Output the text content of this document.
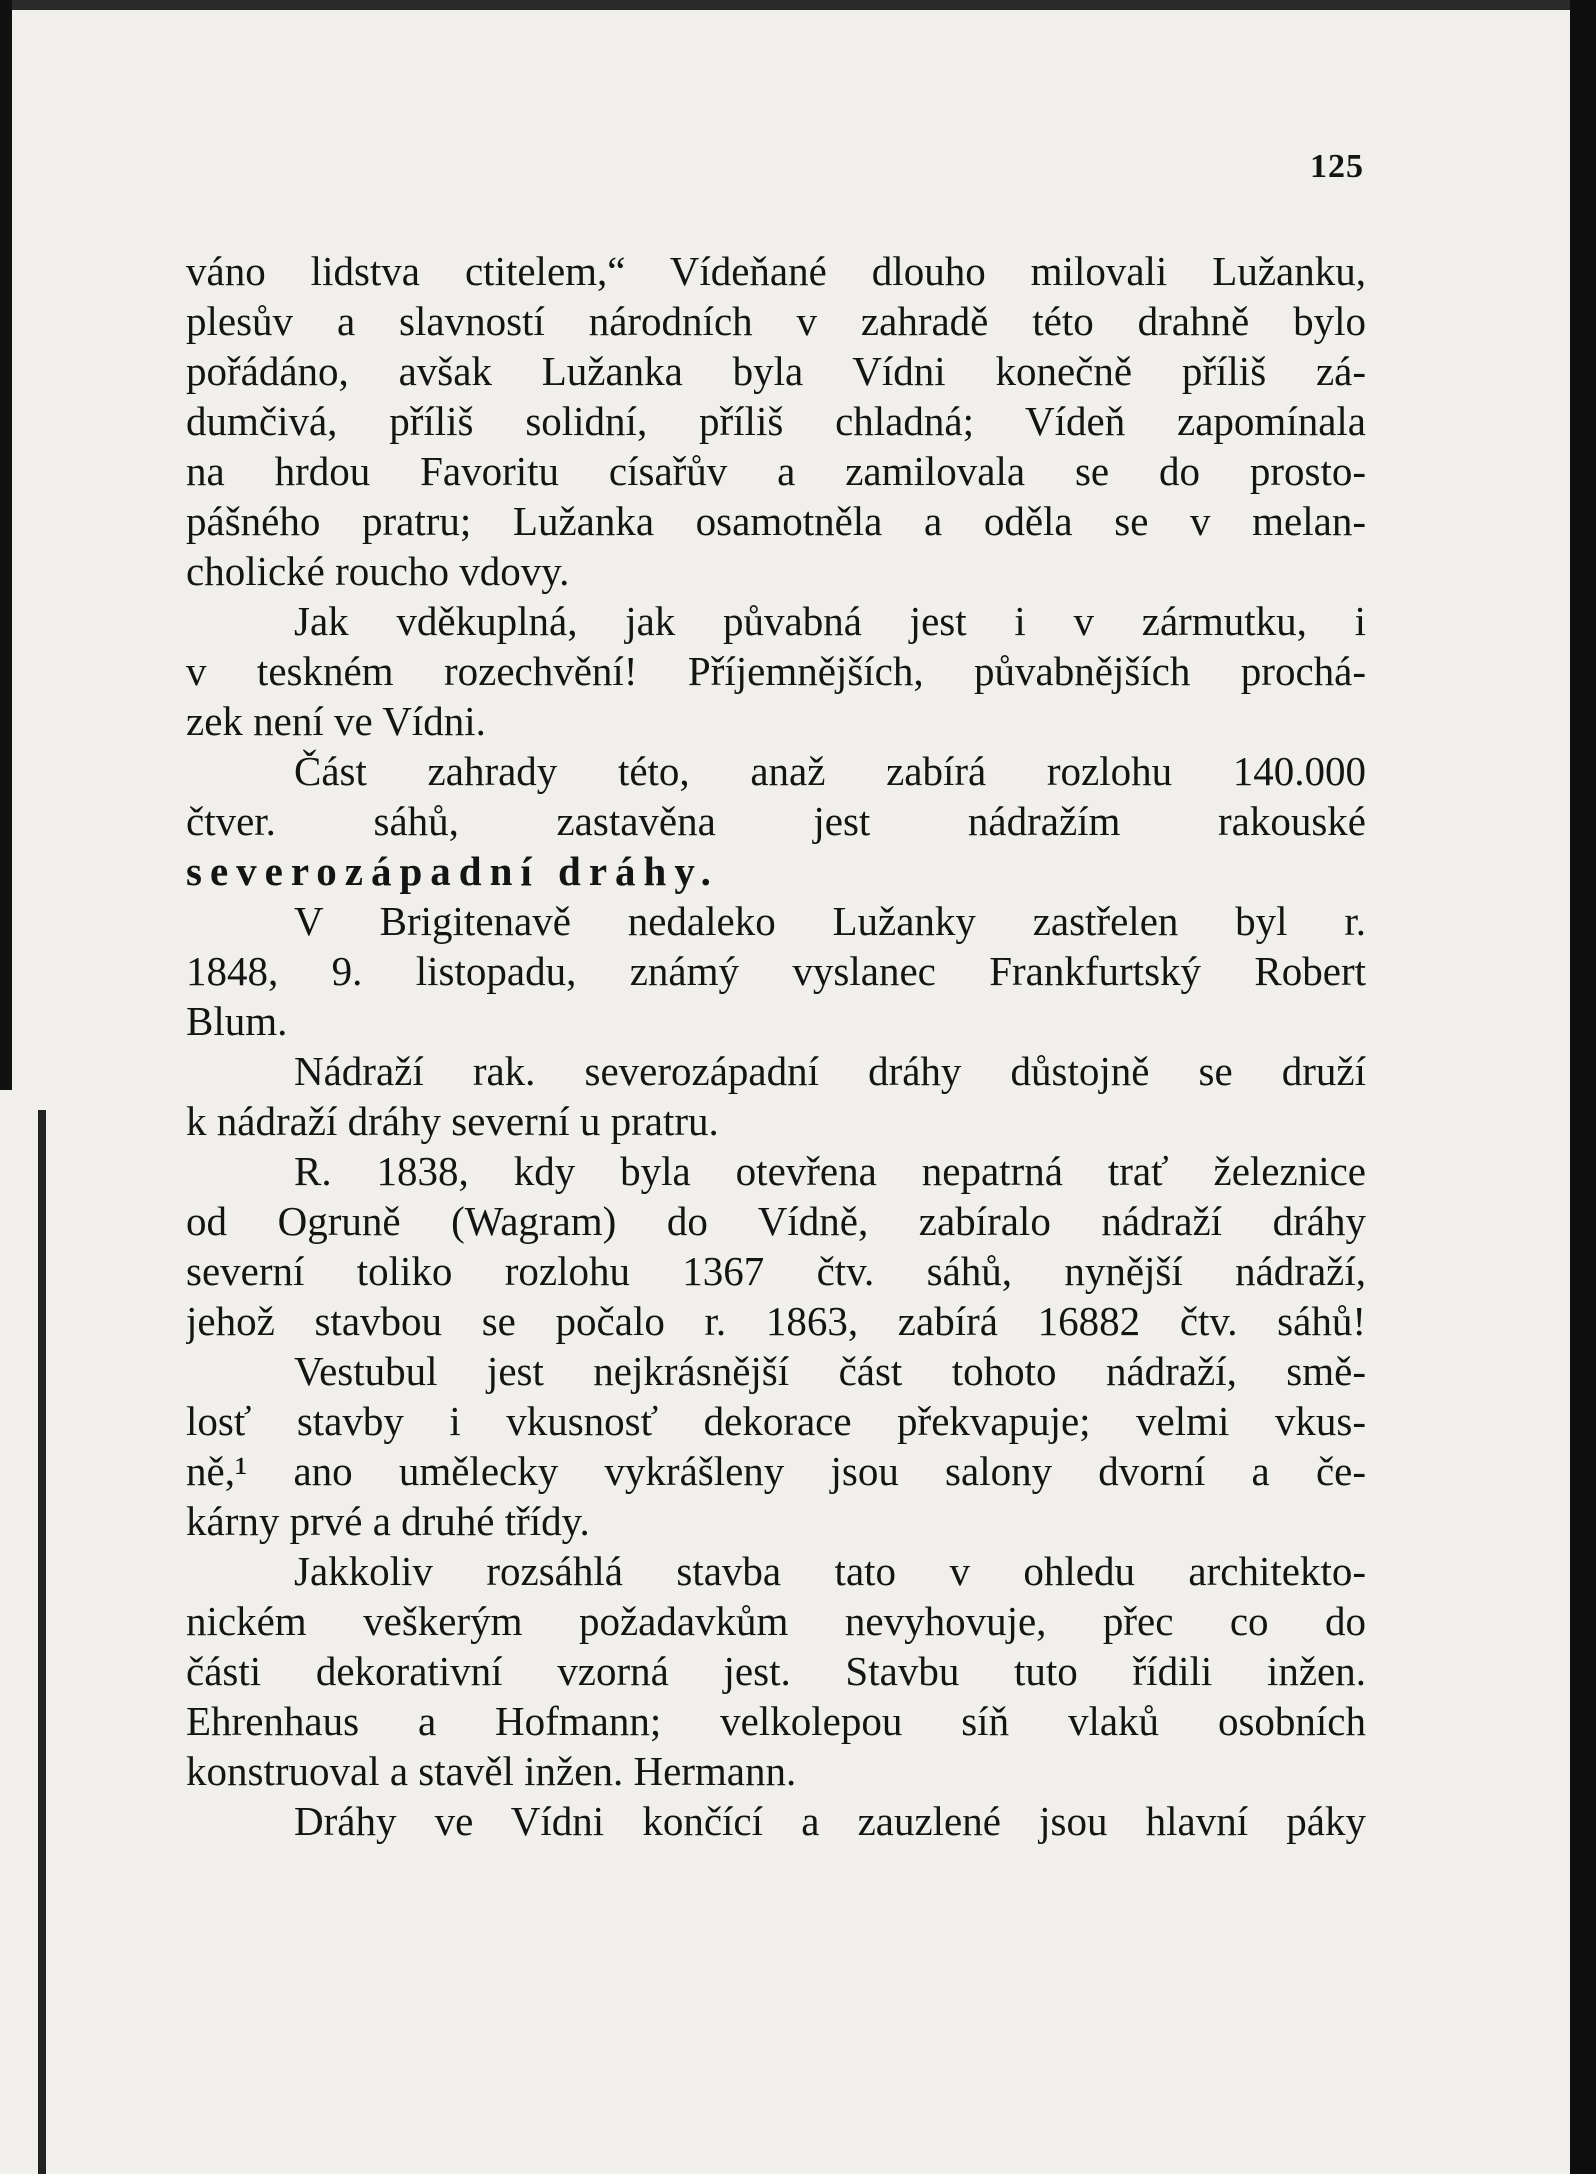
125
váno lidstva ctitelem,“ Vídeňané dlouho milovali Lužanku,
plesův a slavností národních v zahradě této drahně bylo
pořádáno, avšak Lužanka byla Vídni konečně příliš zá-
dumčivá, příliš solidní, příliš chladná; Vídeň zapomínala
na hrdou Favoritu císařův a zamilovala se do prosto-
pášného pratru; Lužanka osamotněla a oděla se v melan-
cholické roucho vdovy.
Jak vděkuplná, jak půvabná jest i v zármutku, i
v teskném rozechvění! Příjemnějších, půvabnějších prochá-
zek není ve Vídni.
Část zahrady této, anaž zabírá rozlohu 140.000
čtver. sáhů, zastavěna jest nádražím rakouské
severozápadní dráhy.
V Brigitenavě nedaleko Lužanky zastřelen byl r.
1848, 9. listopadu, známý vyslanec Frankfurtský Robert
Blum.
Nádraží rak. severozápadní dráhy důstojně se druží
k nádraží dráhy severní u pratru.
R. 1838, kdy byla otevřena nepatrná trať železnice
od Ogruně (Wagram) do Vídně, zabíralo nádraží dráhy
severní toliko rozlohu 1367 čtv. sáhů, nynější nádraží,
jehož stavbou se počalo r. 1863, zabírá 16882 čtv. sáhů!
Vestubul jest nejkrásnější část tohoto nádraží, smě-
losť stavby i vkusnosť dekorace překvapuje; velmi vkus-
ně,¹ ano umělecky vykrášleny jsou salony dvorní a če-
kárny prvé a druhé třídy.
Jakkoliv rozsáhlá stavba tato v ohledu architekto-
nickém veškerým požadavkům nevyhovuje, přec co do
části dekorativní vzorná jest. Stavbu tuto řídili inžen.
Ehrenhaus a Hofmann; velkolepou síň vlaků osobních
konstruoval a stavěl inžen. Hermann.
Dráhy ve Vídni končící a zauzlené jsou hlavní páky
